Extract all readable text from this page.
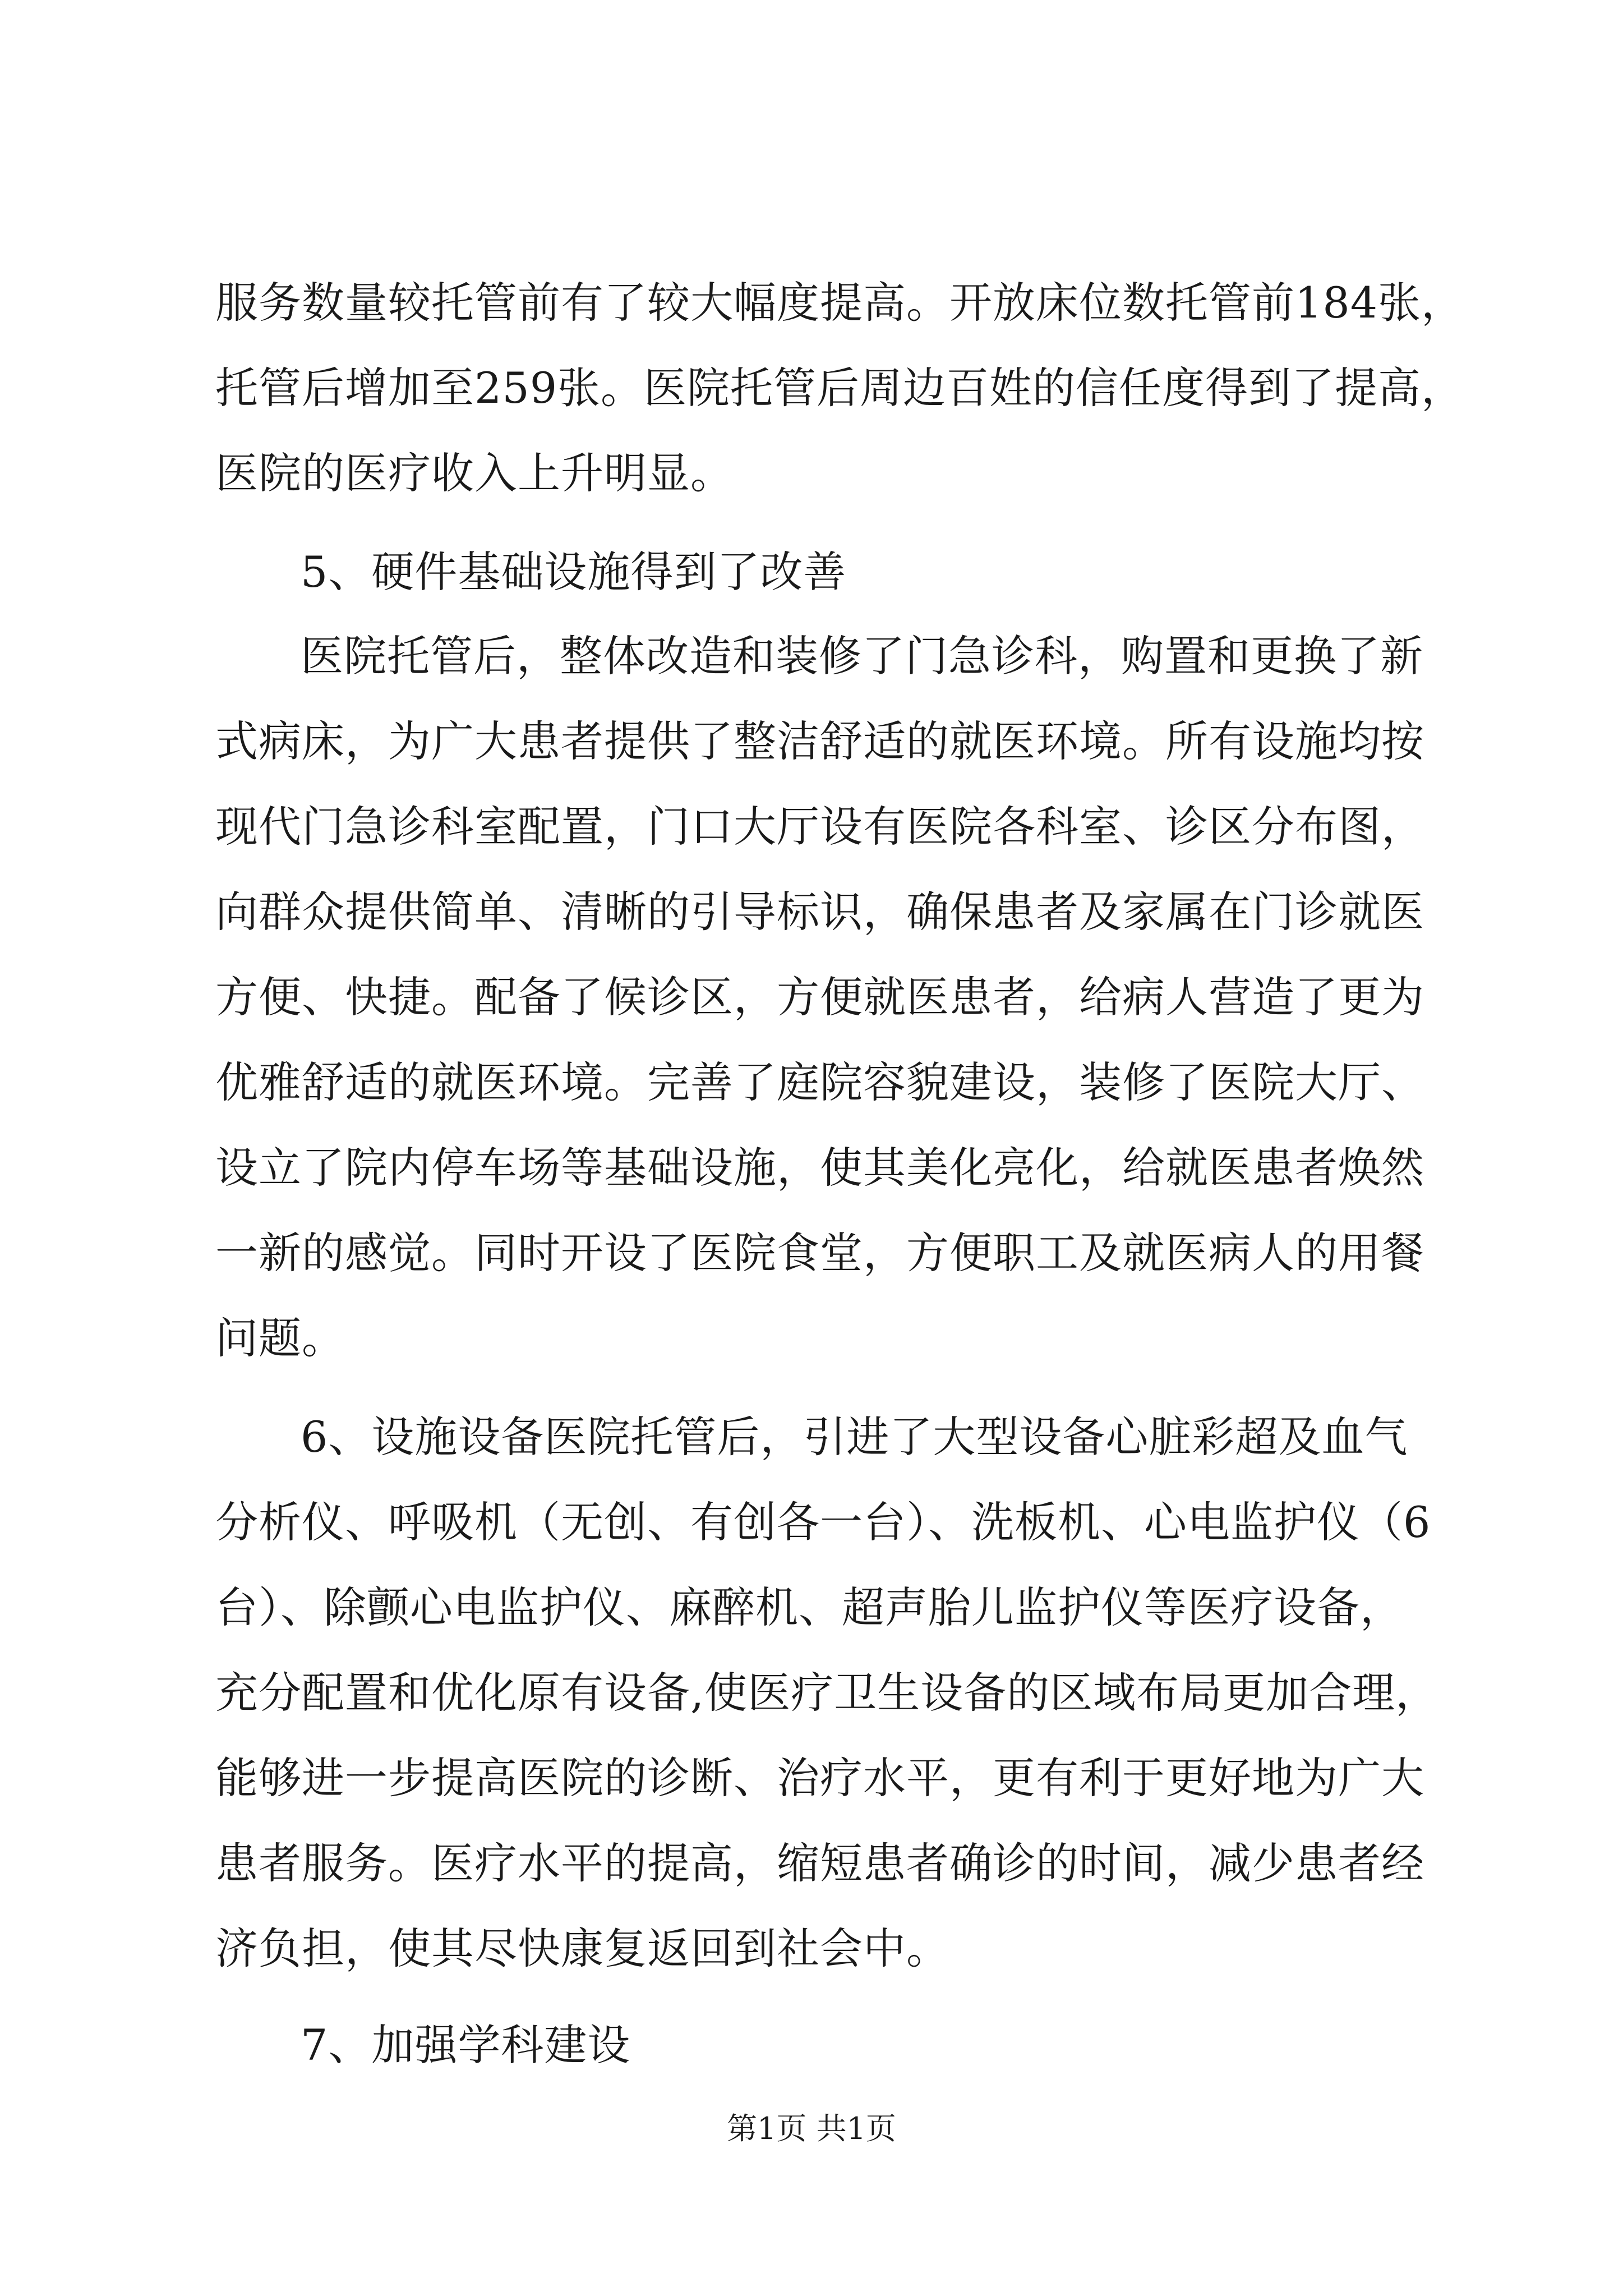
服务数量较托管前有了较大幅度提高。开放床位数托管前184张，
托管后增加至259张。医院托管后周边百姓的信任度得到了提高，
医院的医疗收入上升明显。
5、硬件基础设施得到了改善
医院托管后，整体改造和装修了门急诊科，购置和更换了新
式病床，为广大患者提供了整洁舒适的就医环境。所有设施均按
现代门急诊科室配置，门口大厅设有医院各科室、诊区分布图，
向群众提供简单、清晰的引导标识，确保患者及家属在门诊就医
方便、快捷。配备了候诊区，方便就医患者，给病人营造了更为
优雅舒适的就医环境。完善了庭院容貌建设，装修了医院大厅、
设立了院内停车场等基础设施，使其美化亮化，给就医患者焕然
一新的感觉。同时开设了医院食堂，方便职工及就医病人的用餐
问题。
6、设施设备医院托管后，引进了大型设备心脏彩超及血气
分析仪、呼吸机（无创、有创各一台）、洗板机、心电监护仪（6
台）、除颤心电监护仪、麻醉机、超声胎儿监护仪等医疗设备，
充分配置和优化原有设备,使医疗卫生设备的区域布局更加合理，
能够进一步提高医院的诊断、治疗水平，更有利于更好地为广大
患者服务。医疗水平的提高，缩短患者确诊的时间，减少患者经
济负担，使其尽快康复返回到社会中。
7、加强学科建设
第1页 共1页
